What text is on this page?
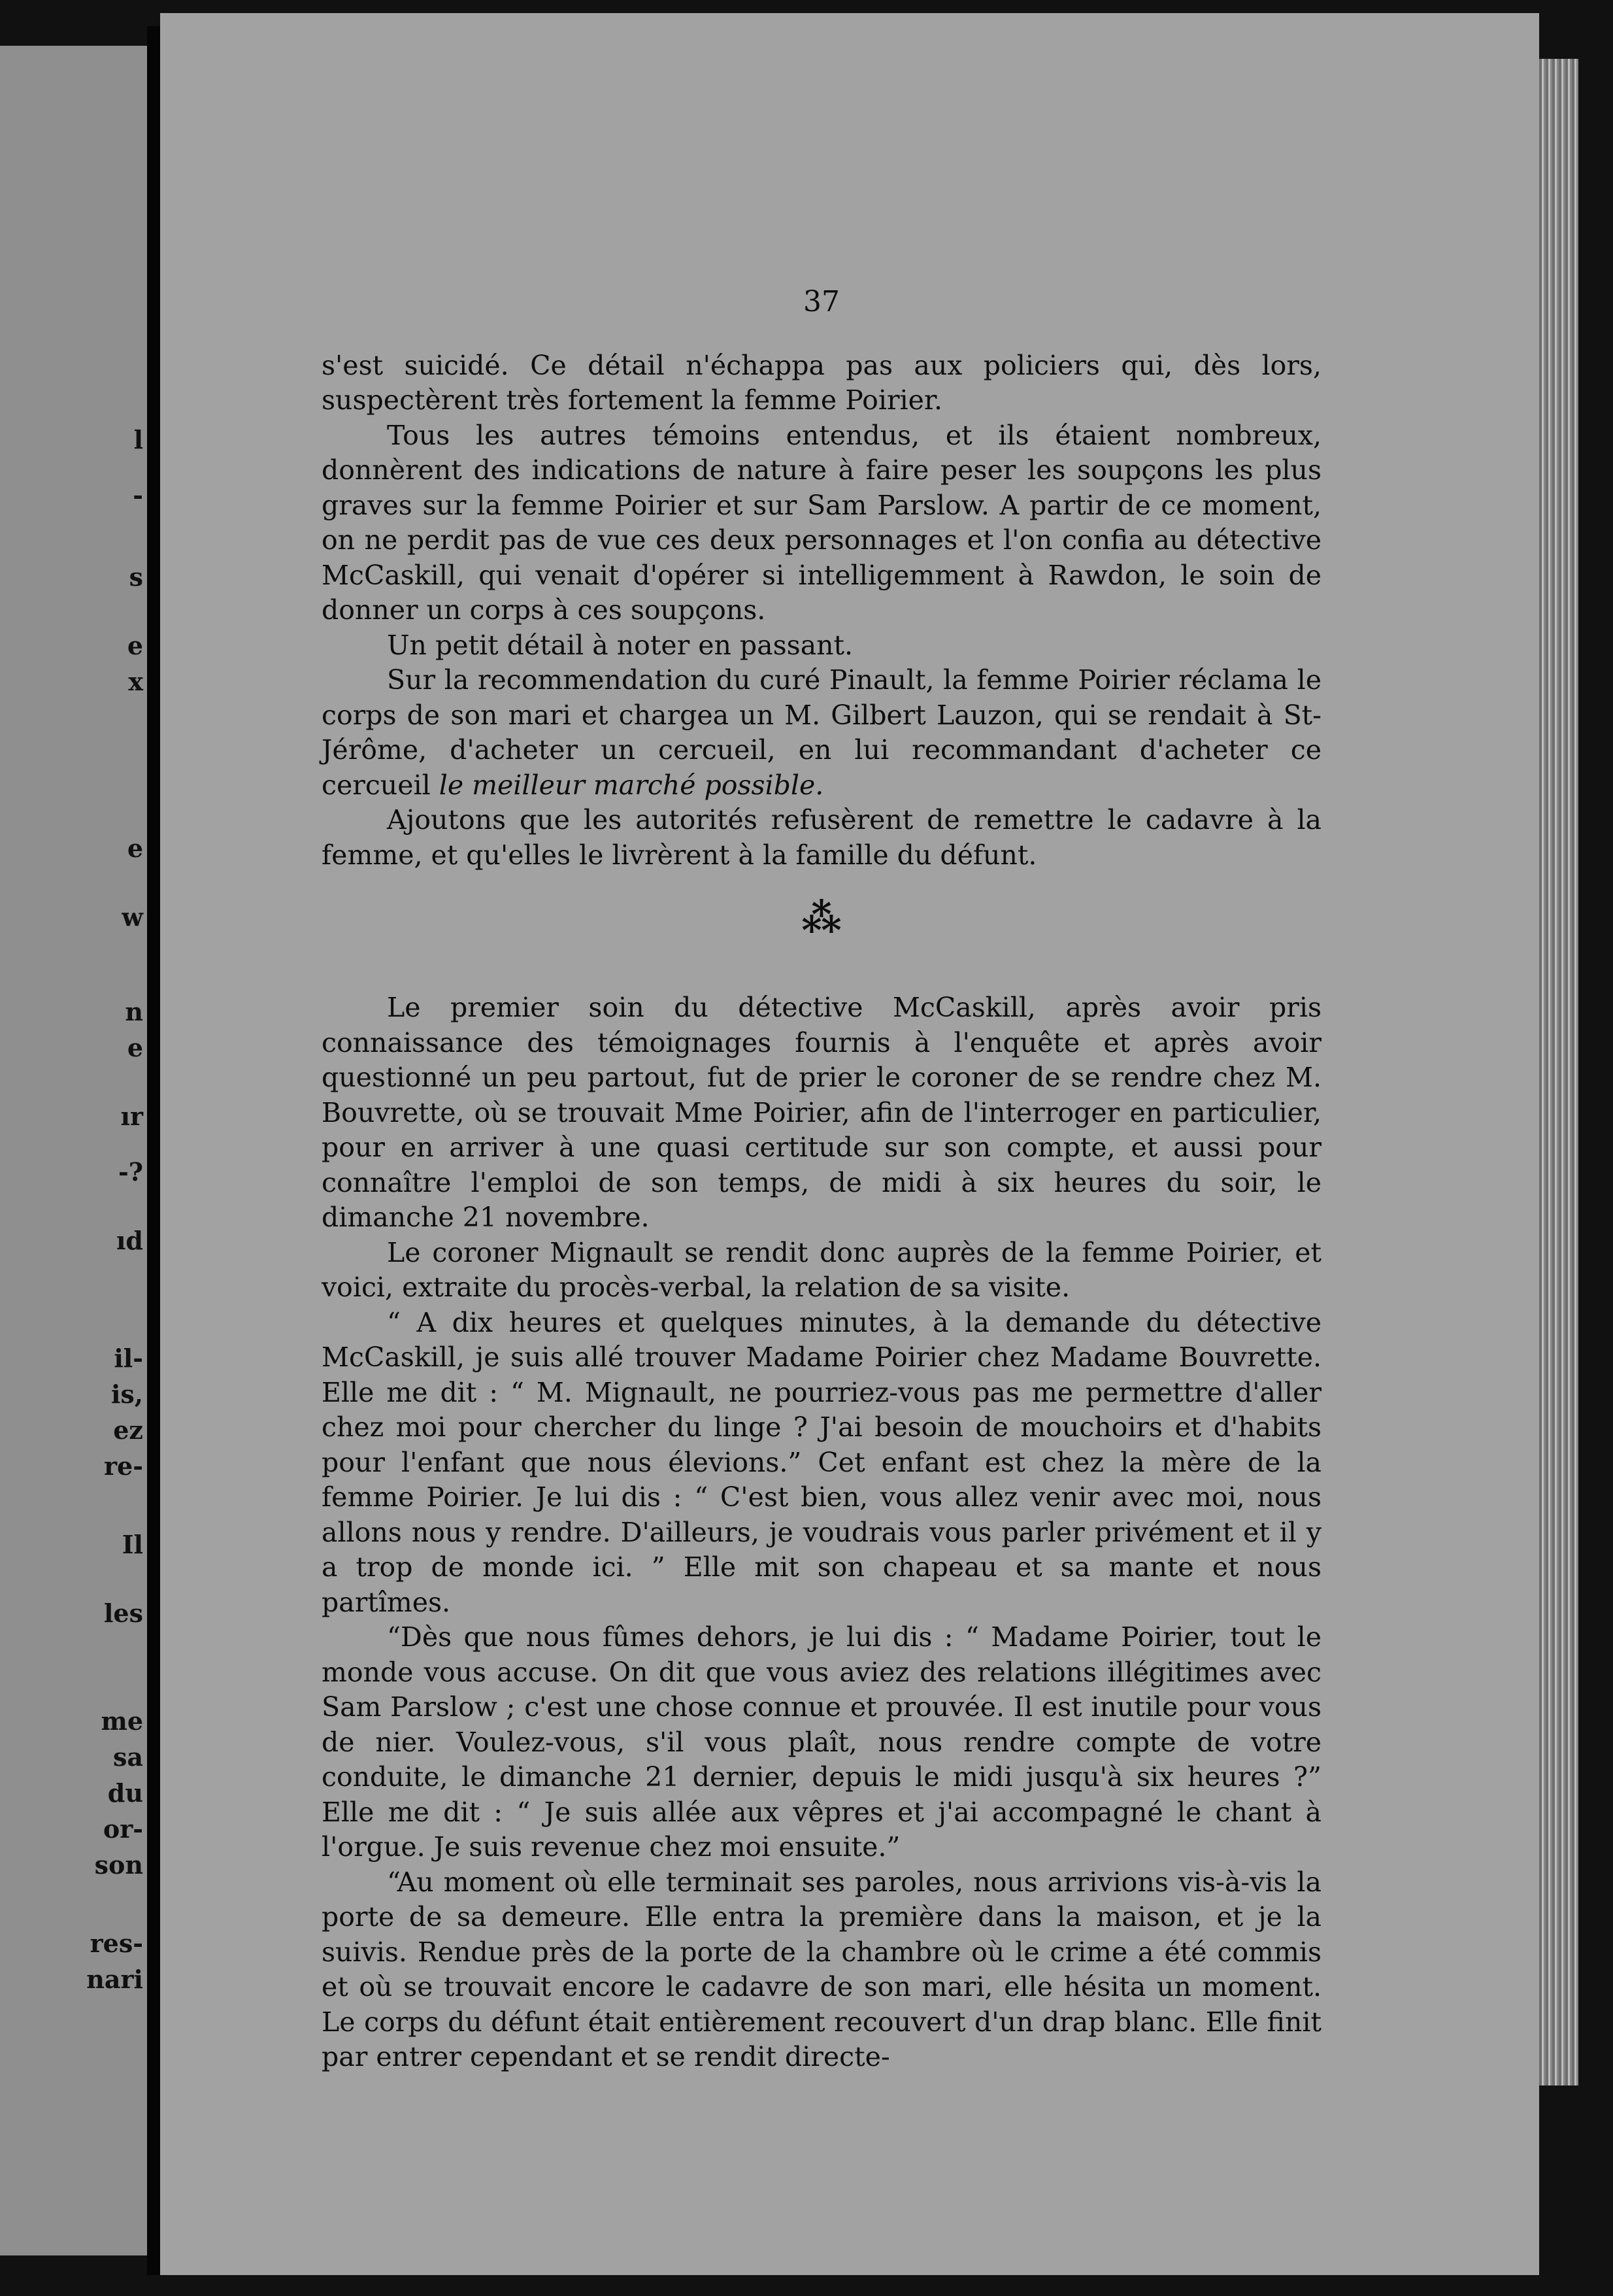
l
-
s
e
x
e
w
n
e
ır
-?
ıd
il-
is,
ez
re-
Il
les
me
sa
du
or-
son
res-
nari
37

s'est suicidé. Ce détail n'échappa pas aux policiers qui, dès lors, suspectèrent très fortement la femme Poirier.

Tous les autres témoins entendus, et ils étaient nombreux, donnèrent des indications de nature à faire peser les soupçons les plus graves sur la femme Poirier et sur Sam Parslow. A partir de ce moment, on ne perdit pas de vue ces deux personnages et l'on confia au détective McCaskill, qui venait d'opérer si intelligemment à Rawdon, le soin de donner un corps à ces soupçons.

Un petit détail à noter en passant.

Sur la recommendation du curé Pinault, la femme Poirier réclama le corps de son mari et chargea un M. Gilbert Lauzon, qui se rendait à St-Jérôme, d'acheter un cercueil, en lui recommandant d'acheter ce cercueil le meilleur marché possible.

Ajoutons que les autorités refusèrent de remettre le cadavre à la femme, et qu'elles le livrèrent à la famille du défunt.

⁂

Le premier soin du détective McCaskill, après avoir pris connaissance des témoignages fournis à l'enquête et après avoir questionné un peu partout, fut de prier le coroner de se rendre chez M. Bouvrette, où se trouvait Mme Poirier, afin de l'interroger en particulier, pour en arriver à une quasi certitude sur son compte, et aussi pour connaître l'emploi de son temps, de midi à six heures du soir, le dimanche 21 novembre.

Le coroner Mignault se rendit donc auprès de la femme Poirier, et voici, extraite du procès-verbal, la relation de sa visite.

“ A dix heures et quelques minutes, à la demande du détective McCaskill, je suis allé trouver Madame Poirier chez Madame Bouvrette. Elle me dit : “ M. Mignault, ne pourriez-vous pas me permettre d'aller chez moi pour chercher du linge ? J'ai besoin de mouchoirs et d'habits pour l'enfant que nous élevions.” Cet enfant est chez la mère de la femme Poirier. Je lui dis : “ C'est bien, vous allez venir avec moi, nous allons nous y rendre. D'ailleurs, je voudrais vous parler privément et il y a trop de monde ici. ” Elle mit son chapeau et sa mante et nous partîmes.

“Dès que nous fûmes dehors, je lui dis : “ Madame Poirier, tout le monde vous accuse. On dit que vous aviez des relations illégitimes avec Sam Parslow ; c'est une chose connue et prouvée. Il est inutile pour vous de nier. Voulez-vous, s'il vous plaît, nous rendre compte de votre conduite, le dimanche 21 dernier, depuis le midi jusqu'à six heures ?” Elle me dit : “ Je suis allée aux vêpres et j'ai accompagné le chant à l'orgue. Je suis revenue chez moi ensuite.”

“Au moment où elle terminait ses paroles, nous arrivions vis-à-vis la porte de sa demeure. Elle entra la première dans la maison, et je la suivis. Rendue près de la porte de la chambre où le crime a été commis et où se trouvait encore le cadavre de son mari, elle hésita un moment. Le corps du défunt était entièrement recouvert d'un drap blanc. Elle finit par entrer cependant et se rendit directe-
